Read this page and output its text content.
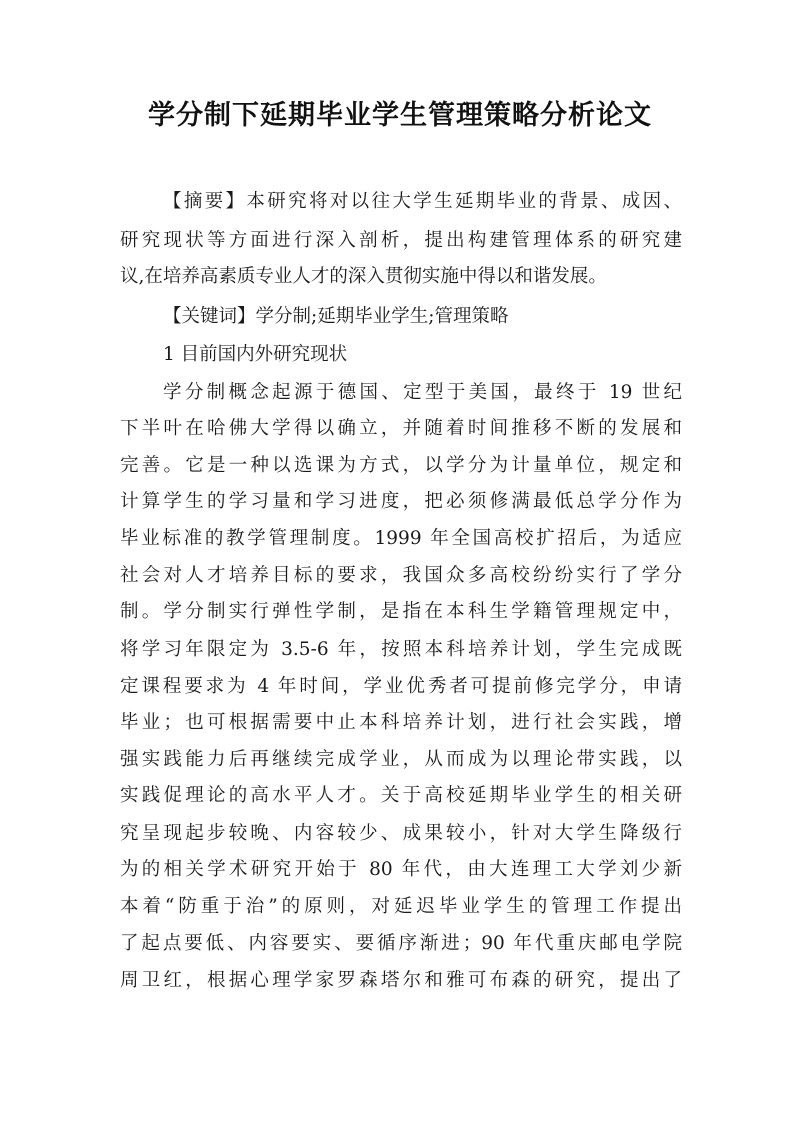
学分制下延期毕业学生管理策略分析论文
【摘要】本研究将对以往大学生延期毕业的背景、成因、
研究现状等方面进行深入剖析，提出构建管理体系的研究建
议,在培养高素质专业人才的深入贯彻实施中得以和谐发展。
【关键词】学分制;延期毕业学生;管理策略
1 目前国内外研究现状
学分制概念起源于德国、定型于美国，最终于 19 世纪
下半叶在哈佛大学得以确立，并随着时间推移不断的发展和
完善。它是一种以选课为方式，以学分为计量单位，规定和
计算学生的学习量和学习进度，把必须修满最低总学分作为
毕业标准的教学管理制度。1999 年全国高校扩招后，为适应
社会对人才培养目标的要求，我国众多高校纷纷实行了学分
制。学分制实行弹性学制，是指在本科生学籍管理规定中，
将学习年限定为 3.5-6 年，按照本科培养计划，学生完成既
定课程要求为 4 年时间，学业优秀者可提前修完学分，申请
毕业；也可根据需要中止本科培养计划，进行社会实践，增
强实践能力后再继续完成学业，从而成为以理论带实践，以
实践促理论的高水平人才。关于高校延期毕业学生的相关研
究呈现起步较晚、内容较少、成果较小，针对大学生降级行
为的相关学术研究开始于 80 年代，由大连理工大学刘少新
本着“防重于治”的原则，对延迟毕业学生的管理工作提出
了起点要低、内容要实、要循序渐进；90 年代重庆邮电学院
周卫红，根据心理学家罗森塔尔和雅可布森的研究，提出了
